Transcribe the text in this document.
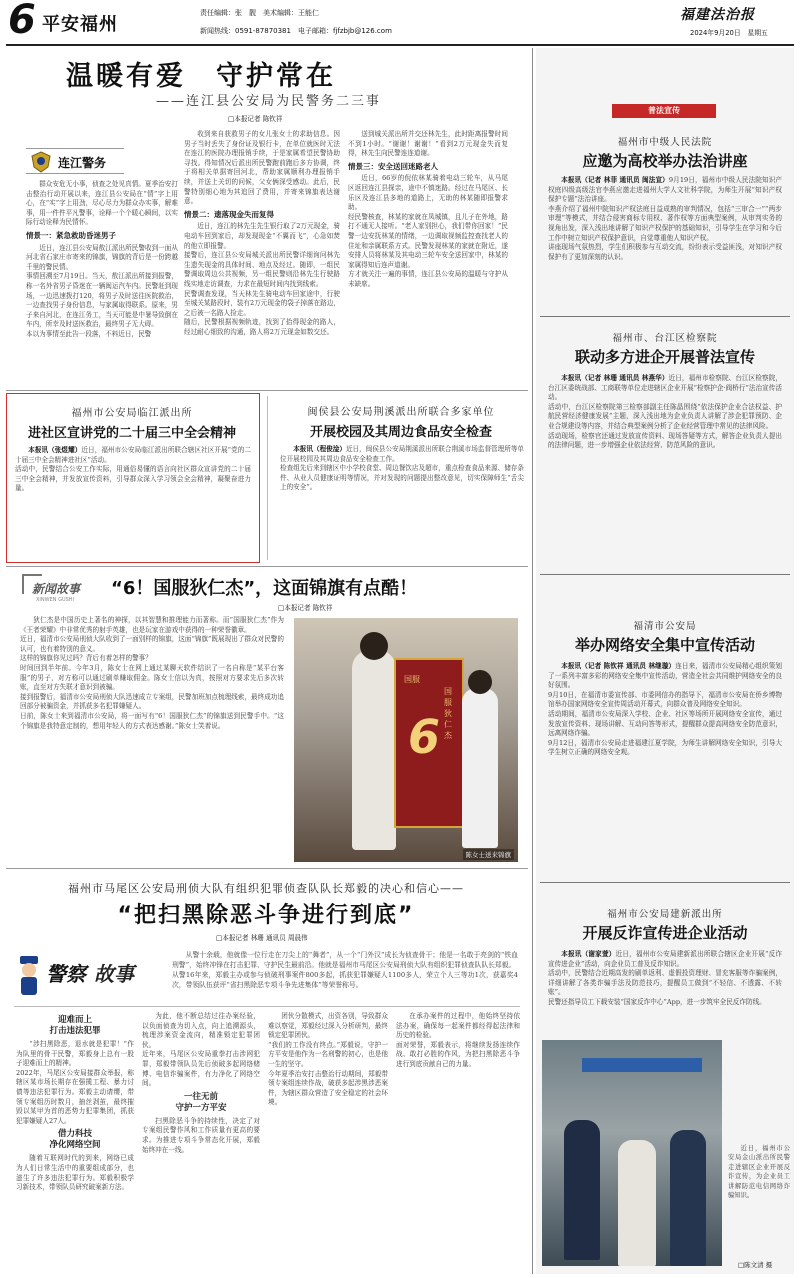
6 平安福州
责任编辑：张　靓　美术编辑：王能仁
新闻热线：0591-87870381　电子邮箱：fjfzbjb@126.com
福建法治报
2024年9月20日　星期五
温暖有爱　守护常在
——连江县公安局为民警务二三事
□本报记者 陈钦祥
连江警务

群众安危无小事，侦查之处见真情。夏季治安打击整治行动开展以来，连江县公安局在“情”字上用心，在“实”字上用劲，尽心尽力为群众办实事，解难事，用一件件平凡警事，诠释一个个暖心瞬间，以实际行动诠释为民情怀。

情景一：紧急救助昏迷男子

近日，连江县公安局敖江派出所民警收到一面从河北省石家庄市寄来的锦旗，锦旗的背后是一份跨越千里的警民情。
事情回溯至7月19日。当天，敖江派出所接到报警，称一名外省男子昏迷在一辆闽运汽车内。民警赶到现场，一边迅速拨打120，将男子及时送往医院救治，一边查找男子身份信息，与家属取得联系。原来，男子来自河北，在连江务工，当天可能是中暑导致倒在车内，所幸及时送医救治，最终男子无大碍。
本以为事情至此告一段落，不料近日，民警

收到来自获救男子的女儿张女士的求助信息。因男子当时丢失了身份证及银行卡，在单位就医时无法在连江的医院办理报销手续，于是家属希望民警协助寻找。得知情况后派出所民警跑前跑后多方协调，终于将相关单据寄回河北，帮助家属顺利办理报销手续，并送上关切的问候，父女俩深受感动。此后，民警特别细心地为其追回了费用，并寄来锦旗表达谢意。

情景二：遗落现金失而复得

近日，连江的林先生先生银行取了2万元现金，骑电动车回到家后，却发现现金“不翼而飞”，心急如焚的他立即报警。
接警后，连江县公安局城关派出所民警详细询问林先生遗失现金的具体时间、地点及经过。随即，一组民警调取周边公共视频，另一组民警则沿林先生行驶路线实地走访调查，力求在最短时间内找到线索。
民警调查发现，当天林先生骑电动车回家途中，行驶至城关某路段时，装有2万元现金的袋子掉落在路边，之后被一名路人捡走。
随后，民警根据视频轨迹，找到了拾得现金的路人，经过耐心细致的沟通，路人将2万元现金如数交还。

送到城关派出所并交还林先生，此时距离报警时间不到1小时。“谢谢！谢谢！”看到2万元现金失而复得，林先生向民警连连道谢。

情景三：安全送回迷路老人

近日，66岁的倪依林某骑着电动三轮车，从马尾区返回连江县探亲，途中不慎迷路。经过在马尾区、长乐区及连江县多地的道路上，无助的林某随即报警求助。
经民警核查，林某的家就在凤城镇，且儿子在外地，路打不通无人接听。“老人家别担心，我们带你回家！”民警一边安抚林某的情绪，一边调取视频监控查找老人的住址和亲属联系方式。民警发现林某的家就在附近，遂安排人员将林某及其电动三轮车安全送回家中，林某的家属得知后连声道谢。
方才就关注一遍的事情，连江县公安局的温暖与守护从未缺席。

福州市公安局临江派出所
进社区宣讲党的二十届三中全会精神

本报讯（张煜耀）近日，福州市公安局临江派出所联合辖区社区开展“党的二十届三中全会精神进社区”活动。
活动中，民警结合公安工作实际，用通俗易懂的语言向社区群众宣讲党的二十届三中全会精神，并发放宣传资料，引导群众深入学习领会全会精神，凝聚奋进力量。

闽侯县公安局荆溪派出所联合多家单位
开展校园及其周边食品安全检查

本报讯（程俊淦）近日，闽侯县公安局荆溪派出所联合荆溪市场监督管理所等单位开展校园及其周边食品安全检查工作。
检查组先后来到辖区中小学校食堂、周边餐饮店及超市，重点检查食品来源、储存条件、从业人员健康证明等情况，并对发现的问题提出整改意见，切实保障师生“舌尖上的安全”。

新闻故事
XINWEN GUSHI
“6！国服狄仁杰”，这面锦旗有点酷！
□本报记者 陈钦祥

狄仁杰是中国历史上著名的神探，以其智慧和推理能力而著称。而“国服狄仁杰”作为《王者荣耀》中非常优秀的射手英雄，也是玩家在游戏中获得的一种荣誉徽章。
近日，福清市公安局刑侦大队收到了一面别样的锦旗，这面“锦旗”既展现出了群众对民警的认可，也有着特别的意义。
这样的锦旗你见过吗？背后有着怎样的警事？
时间回到半年前。今年3月，陈女士在网上通过某聊天软件结识了一名自称是“某平台客服”的男子，对方称可以通过刷单赚取佣金。陈女士信以为真，按照对方要求先后多次转账，直至对方失联才意识到被骗。
接到报警后，福清市公安局刑侦大队迅速成立专案组，民警加班加点梳理线索，最终成功追回部分被骗资金，并抓获多名犯罪嫌疑人。
日前，陈女士来到福清市公安局，将一面写有“6！国服狄仁杰”的锦旗送到民警手中。“这个锦旗是我特意定制的，想用年轻人的方式表达感谢。”陈女士笑着说。

国服
6
国服狄仁杰
陈女士送来锦旗
福州市马尾区公安局刑侦大队有组织犯罪侦查队队长郑毅的决心和信心——
“把扫黑除恶斗争进行到底”
□本报记者 林珊 通讯员 周晨伟
警察 故事

从警十余载，他就像一位行走在刀尖上的“舞者”，从一个“门外汉”成长为侦查骨干；他是一名敢于亮剑的“铁血刑警”，始终冲锋在打击犯罪、守护民生最前沿。他就是福州市马尾区公安局刑侦大队有组织犯罪侦查队队长郑毅。
从警16年来，郑毅主办或参与侦破刑事案件800多起，抓获犯罪嫌疑人1100多人，荣立个人三等功1次，获嘉奖4次，带领队伍获评“省扫黑除恶专项斗争先进集体”等荣誉称号。

迎难而上
打击违法犯罪

“涉扫黑除恶，退水就是犯罪！”作为队里的骨干民警，郑毅身上总有一股子迎难而上的精神。
2022年，马尾区公安局接群众举报，称辖区某市场长期存在强揽工程、暴力讨债等违法犯罪行为。郑毅主动请缨，带领专案组历时数月，抽丝剥茧，最终摧毁以某甲为首的恶势力犯罪集团，抓获犯罪嫌疑人27人。

借力科技
净化网络空间

随着互联网时代的到来，网络已成为人们日常生活中的重要组成部分，也滋生了许多违法犯罪行为。郑毅积极学习新技术，带领队员研究破案新方法。

为此，他不断总结过往办案经验，以负面侦查为切入点，向上追溯源头，梳理涉案资金流向，精准锁定犯罪团伙。
近年来，马尾区公安局重拳打击涉网犯罪，郑毅带领队员先后侦破多起网络赌博、电信诈骗案件，有力净化了网络空间。

一往无前
守护一方平安

扫黑除恶斗争的持续性，决定了对专案组民警作风和工作质量有更高的要求。为推进专项斗争常态化开展，郑毅始终冲在一线。

团伙分散模式，出资各别，导致群众难以察觉，郑毅经过深入分析研判，最终锁定犯罪团伙。
“我们的工作没有终点。”郑毅说，守护一方平安是他作为一名刑警的初心，也是他一生的坚守。
今年夏季治安打击整治行动期间，郑毅带领专案组连续作战，破获多起涉黑涉恶案件，为辖区群众营造了安全稳定的社会环境。

在承办案件的过程中，他始终坚持依法办案，确保每一起案件都经得起法律和历史的检验。
面对荣誉，郑毅表示，将继续发扬连续作战、敢打必胜的作风，为把扫黑除恶斗争进行到底贡献自己的力量。

普法宣传
福州市中级人民法院
应邀为高校举办法治讲座

本报讯（记者 林菲 通讯员 闽法宣）9月19日，福州市中级人民法院知识产权庭四级高级法官李燕应邀走进福州大学人文社科学院，为师生开展“知识产权保护专题”法治讲座。
李燕介绍了福州中院知识产权法庭日益成熟的审判情况，包括“三审合一”“两步审理”等模式，并结合侵害商标专用权、著作权等方面典型案例，从审判实务的视角出发，深入浅出地讲解了知识产权保护的基础知识，引导学生在学习和今后工作中树立知识产权保护意识，自觉尊重他人知识产权。
讲座现场气氛热烈，学生们积极参与互动交流，纷纷表示受益匪浅，对知识产权保护有了更加深刻的认识。

福州市、台江区检察院
联动多方进企开展普法宣传

本报讯（记者 林珊 通讯员 林燕华）近日，福州市检察院、台江区检察院，台江区委统战部、工商联等单位走进辖区企业开展“检察护企·阀桥行”法治宣传活动。
活动中，台江区检察院第三检察部副主任陈晶围绕“依法保护企业合法权益、护航民营经济健康发展”主题，深入浅出地为企业负责人讲解了涉企犯罪预防、企业合规建设等内容，并结合典型案例分析了企业经营管理中常见的法律风险。
活动现场，检察官还通过发放宣传资料、现场答疑等方式，解答企业负责人提出的法律问题，进一步增强企业依法经营、防范风险的意识。

福清市公安局
举办网络安全集中宣传活动

本报讯（记者 陈钦祥 通讯员 林继璇）连日来，福清市公安局精心组织策划了一系列丰富多彩的网络安全集中宣传活动，营造全社会共同维护网络安全的良好氛围。
9月10日，在福清市委宣传部、市委网信办的指导下，福清市公安局在侨乡博物馆举办国家网络安全宣传周活动开幕式，向群众普及网络安全知识。
活动期间，福清市公安局深入学校、企业、社区等场所开展网络安全宣传，通过发放宣传资料、现场讲解、互动问答等形式，提醒群众提高网络安全防范意识，远离网络诈骗。
9月12日，福清市公安局走进福建江夏学院，为师生讲解网络安全知识，引导大学生树立正确的网络安全观。

福州市公安局建新派出所
开展反诈宣传进企业活动

本报讯（谢家萱）近日，福州市公安局建新派出所联合辖区企业开展“反诈宣传进企业”活动，向企业员工普及反诈知识。
活动中，民警结合近期高发的刷单返利、虚假投资理财、冒充客服等诈骗案例，详细讲解了各类诈骗手法及防范技巧，提醒员工做到“不轻信、不透露、不转账”。
民警还指导员工下载安装“国家反诈中心”App，进一步筑牢全民反诈防线。

近日，福州市公安局金山派出所民警走进辖区企业开展反诈宣传，为企业员工讲解防范电信网络诈骗知识。

□陈文清 摄
